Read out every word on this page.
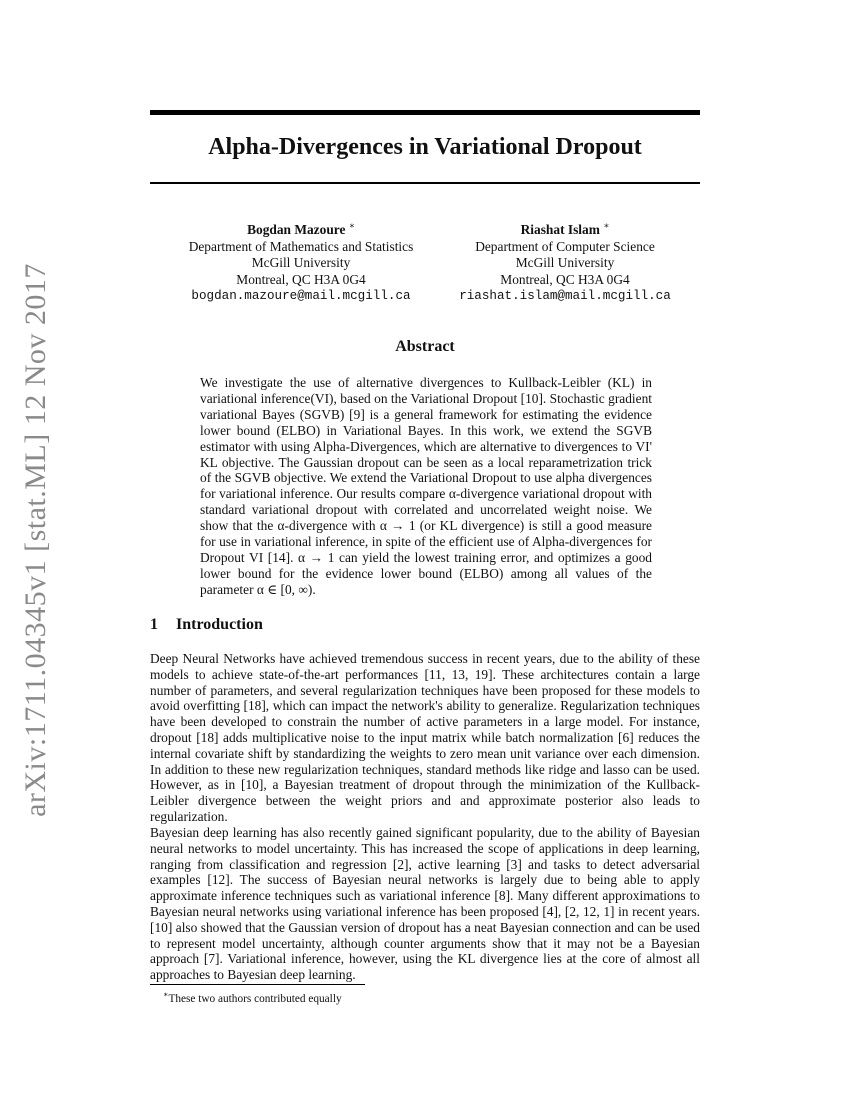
arXiv:1711.04345v1 [stat.ML] 12 Nov 2017
Alpha-Divergences in Variational Dropout
Bogdan Mazoure ∗
Department of Mathematics and Statistics
McGill University
Montreal, QC H3A 0G4
bogdan.mazoure@mail.mcgill.ca
Riashat Islam ∗
Department of Computer Science
McGill University
Montreal, QC H3A 0G4
riashat.islam@mail.mcgill.ca
Abstract

We investigate the use of alternative divergences to Kullback-Leibler (KL) in variational inference(VI), based on the Variational Dropout [10]. Stochastic gradient variational Bayes (SGVB) [9] is a general framework for estimating the evidence lower bound (ELBO) in Variational Bayes. In this work, we extend the SGVB estimator with using Alpha-Divergences, which are alternative to divergences to VI' KL objective. The Gaussian dropout can be seen as a local reparametrization trick of the SGVB objective. We extend the Variational Dropout to use alpha divergences for variational inference. Our results compare α-divergence variational dropout with standard variational dropout with correlated and uncorrelated weight noise. We show that the α-divergence with α → 1 (or KL divergence) is still a good measure for use in variational inference, in spite of the efficient use of Alpha-divergences for Dropout VI [14]. α → 1 can yield the lowest training error, and optimizes a good lower bound for the evidence lower bound (ELBO) among all values of the parameter α ∈ [0, ∞).

1 Introduction

Deep Neural Networks have achieved tremendous success in recent years, due to the ability of these models to achieve state-of-the-art performances [11, 13, 19]. These architectures contain a large number of parameters, and several regularization techniques have been proposed for these models to avoid overfitting [18], which can impact the network's ability to generalize. Regularization techniques have been developed to constrain the number of active parameters in a large model. For instance, dropout [18] adds multiplicative noise to the input matrix while batch normalization [6] reduces the internal covariate shift by standardizing the weights to zero mean unit variance over each dimension. In addition to these new regularization techniques, standard methods like ridge and lasso can be used. However, as in [10], a Bayesian treatment of dropout through the minimization of the Kullback-Leibler divergence between the weight priors and and approximate posterior also leads to regularization.

Bayesian deep learning has also recently gained significant popularity, due to the ability of Bayesian neural networks to model uncertainty. This has increased the scope of applications in deep learning, ranging from classification and regression [2], active learning [3] and tasks to detect adversarial examples [12]. The success of Bayesian neural networks is largely due to being able to apply approximate inference techniques such as variational inference [8]. Many different approximations to Bayesian neural networks using variational inference has been proposed [4], [2, 12, 1] in recent years. [10] also showed that the Gaussian version of dropout has a neat Bayesian connection and can be used to represent model uncertainty, although counter arguments show that it may not be a Bayesian approach [7]. Variational inference, however, using the KL divergence lies at the core of almost all approaches to Bayesian deep learning.

∗These two authors contributed equally
